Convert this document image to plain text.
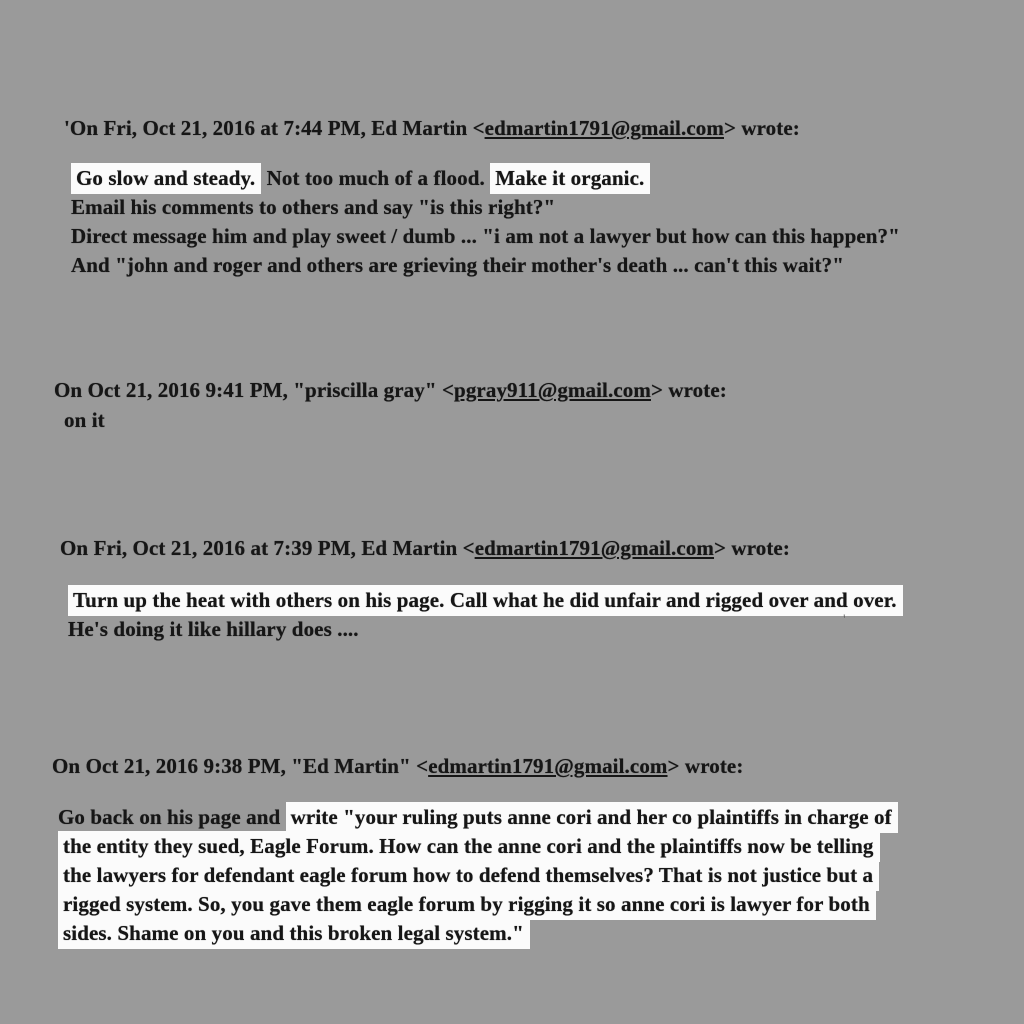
'On Fri, Oct 21, 2016 at 7:44 PM, Ed Martin <edmartin1791@gmail.com> wrote:
Go slow and steady. Not too much of a flood. Make it organic.
Email his comments to others and say "is this right?"
Direct message him and play sweet / dumb ... "i am not a lawyer but how can this happen?"
And "john and roger and others are grieving their mother's death ... can't this wait?"
On Oct 21, 2016 9:41 PM, "priscilla gray" <pgray911@gmail.com> wrote:
on it
On Fri, Oct 21, 2016 at 7:39 PM, Ed Martin <edmartin1791@gmail.com> wrote:
Turn up the heat with others on his page. Call what he did unfair and rigged over and over.
He's doing it like hillary does ....	'
On Oct 21, 2016 9:38 PM, "Ed Martin" <edmartin1791@gmail.com> wrote:
Go back on his page and write "your ruling puts anne cori and her co plaintiffs in charge of
the entity they sued, Eagle Forum. How can the anne cori and the plaintiffs now be telling
the lawyers for defendant eagle forum how to defend themselves? That is not justice but a
rigged system. So, you gave them eagle forum by rigging it so anne cori is lawyer for both
sides. Shame on you and this broken legal system."
